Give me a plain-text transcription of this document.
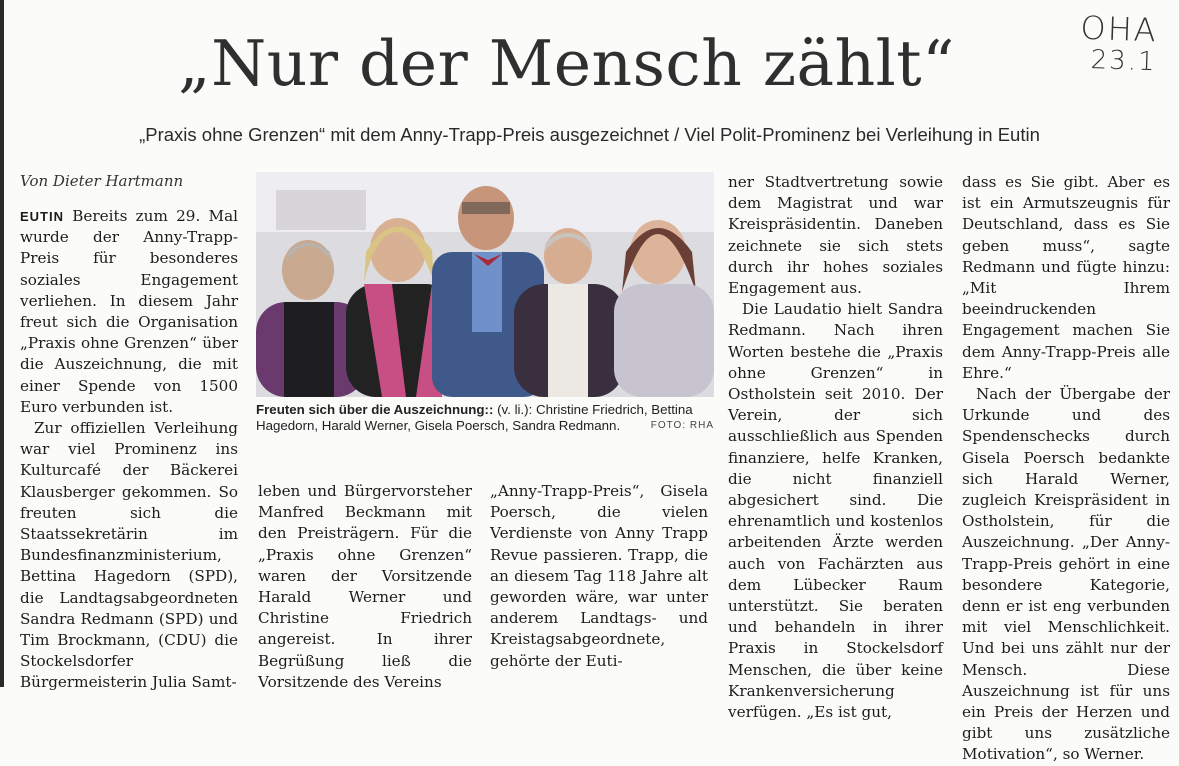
„Nur der Mensch zählt“	OHA
23.1
„Praxis ohne Grenzen“ mit dem Anny-Trapp-Preis ausgezeichnet / Viel Polit-Prominenz bei Verleihung in Eutin
Von Dieter Hartmann

EUTIN Bereits zum 29. Mal wurde der Anny-Trapp-Preis für besonderes soziales Engagement verliehen. In diesem Jahr freut sich die Organisation „Praxis ohne Grenzen“ über die Auszeichnung, die mit einer Spende von 1500 Euro verbunden ist.

Zur offiziellen Verleihung war viel Prominenz ins Kulturcafé der Bäckerei Klausberger gekommen. So freuten sich die Staatssekretärin im Bundesfinanzministerium, Bettina Hagedorn (SPD), die Landtagsabgeordneten Sandra Redmann (SPD) und Tim Brockmann, (CDU) die Stockelsdorfer Bürgermeisterin Julia Samt-

Freuten sich über die Auszeichnung:: (v. li.): Christine Friedrich, Bettina Hagedorn, Harald Werner, Gisela Poersch, Sandra Redmann.	FOTO: RHA

leben und Bürgervorsteher Manfred Beckmann mit den Preisträgern. Für die „Praxis ohne Grenzen“ waren der Vorsitzende Harald Werner und Christine Friedrich angereist. In ihrer Begrüßung ließ die Vorsitzende des Vereins

„Anny-Trapp-Preis“, Gisela Poersch, die vielen Verdienste von Anny Trapp Revue passieren. Trapp, die an diesem Tag 118 Jahre alt geworden wäre, war unter anderem Landtags- und Kreistagsabgeordnete, gehörte der Euti-

ner Stadtvertretung sowie dem Magistrat und war Kreispräsidentin. Daneben zeichnete sie sich stets durch ihr hohes soziales Engagement aus.

Die Laudatio hielt Sandra Redmann. Nach ihren Worten bestehe die „Praxis ohne Grenzen“ in Ostholstein seit 2010. Der Verein, der sich ausschließlich aus Spenden finanziere, helfe Kranken, die nicht finanziell abgesichert sind. Die ehrenamtlich und kostenlos arbeitenden Ärzte werden auch von Fachärzten aus dem Lübecker Raum unterstützt. Sie beraten und behandeln in ihrer Praxis in Stockelsdorf Menschen, die über keine Krankenversicherung verfügen. „Es ist gut,

dass es Sie gibt. Aber es ist ein Armutszeugnis für Deutschland, dass es Sie geben muss“, sagte Redmann und fügte hinzu: „Mit Ihrem beeindruckenden Engagement machen Sie dem Anny-Trapp-Preis alle Ehre.“

Nach der Übergabe der Urkunde und des Spendenschecks durch Gisela Poersch bedankte sich Harald Werner, zugleich Kreispräsident in Ostholstein, für die Auszeichnung. „Der Anny-Trapp-Preis gehört in eine besondere Kategorie, denn er ist eng verbunden mit viel Menschlichkeit. Und bei uns zählt nur der Mensch. Diese Auszeichnung ist für uns ein Preis der Herzen und gibt uns zusätzliche Motivation“, so Werner.
